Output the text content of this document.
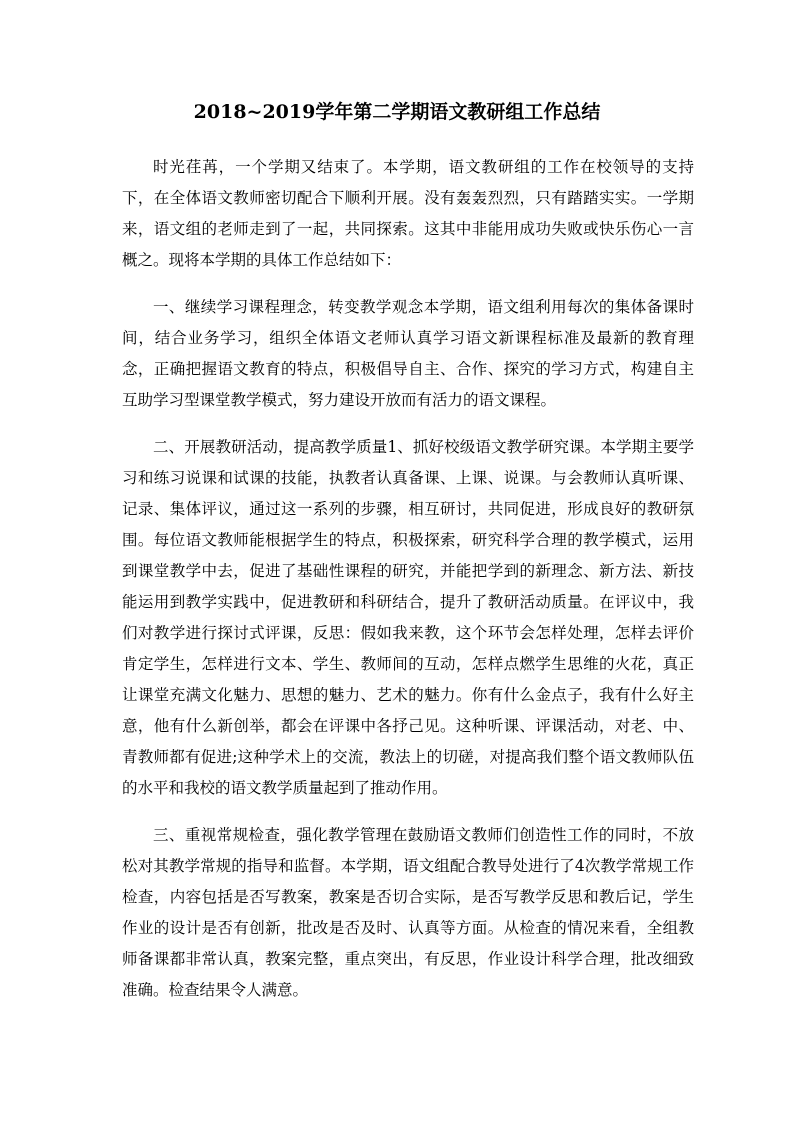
2018~2019学年第二学期语文教研组工作总结

时光荏苒，一个学期又结束了。本学期，语文教研组的工作在校领导的支持下，在全体语文教师密切配合下顺利开展。没有轰轰烈烈，只有踏踏实实。一学期来，语文组的老师走到了一起，共同探索。这其中非能用成功失败或快乐伤心一言概之。现将本学期的具体工作总结如下：

一、继续学习课程理念，转变教学观念本学期，语文组利用每次的集体备课时间，结合业务学习，组织全体语文老师认真学习语文新课程标准及最新的教育理念，正确把握语文教育的特点，积极倡导自主、合作、探究的学习方式，构建自主互助学习型课堂教学模式，努力建设开放而有活力的语文课程。

二、开展教研活动，提高教学质量1、抓好校级语文教学研究课。本学期主要学习和练习说课和试课的技能，执教者认真备课、上课、说课。与会教师认真听课、记录、集体评议，通过这一系列的步骤，相互研讨，共同促进，形成良好的教研氛围。每位语文教师能根据学生的特点，积极探索，研究科学合理的教学模式，运用到课堂教学中去，促进了基础性课程的研究，并能把学到的新理念、新方法、新技能运用到教学实践中，促进教研和科研结合，提升了教研活动质量。在评议中，我们对教学进行探讨式评课，反思：假如我来教，这个环节会怎样处理，怎样去评价肯定学生，怎样进行文本、学生、教师间的互动，怎样点燃学生思维的火花，真正让课堂充满文化魅力、思想的魅力、艺术的魅力。你有什么金点子，我有什么好主意，他有什么新创举，都会在评课中各抒己见。这种听课、评课活动，对老、中、青教师都有促进;这种学术上的交流，教法上的切磋，对提高我们整个语文教师队伍的水平和我校的语文教学质量起到了推动作用。

三、重视常规检查，强化教学管理在鼓励语文教师们创造性工作的同时，不放松对其教学常规的指导和监督。本学期，语文组配合教导处进行了4次教学常规工作检查，内容包括是否写教案，教案是否切合实际，是否写教学反思和教后记，学生作业的设计是否有创新，批改是否及时、认真等方面。从检查的情况来看，全组教师备课都非常认真，教案完整，重点突出，有反思，作业设计科学合理，批改细致准确。检查结果令人满意。
